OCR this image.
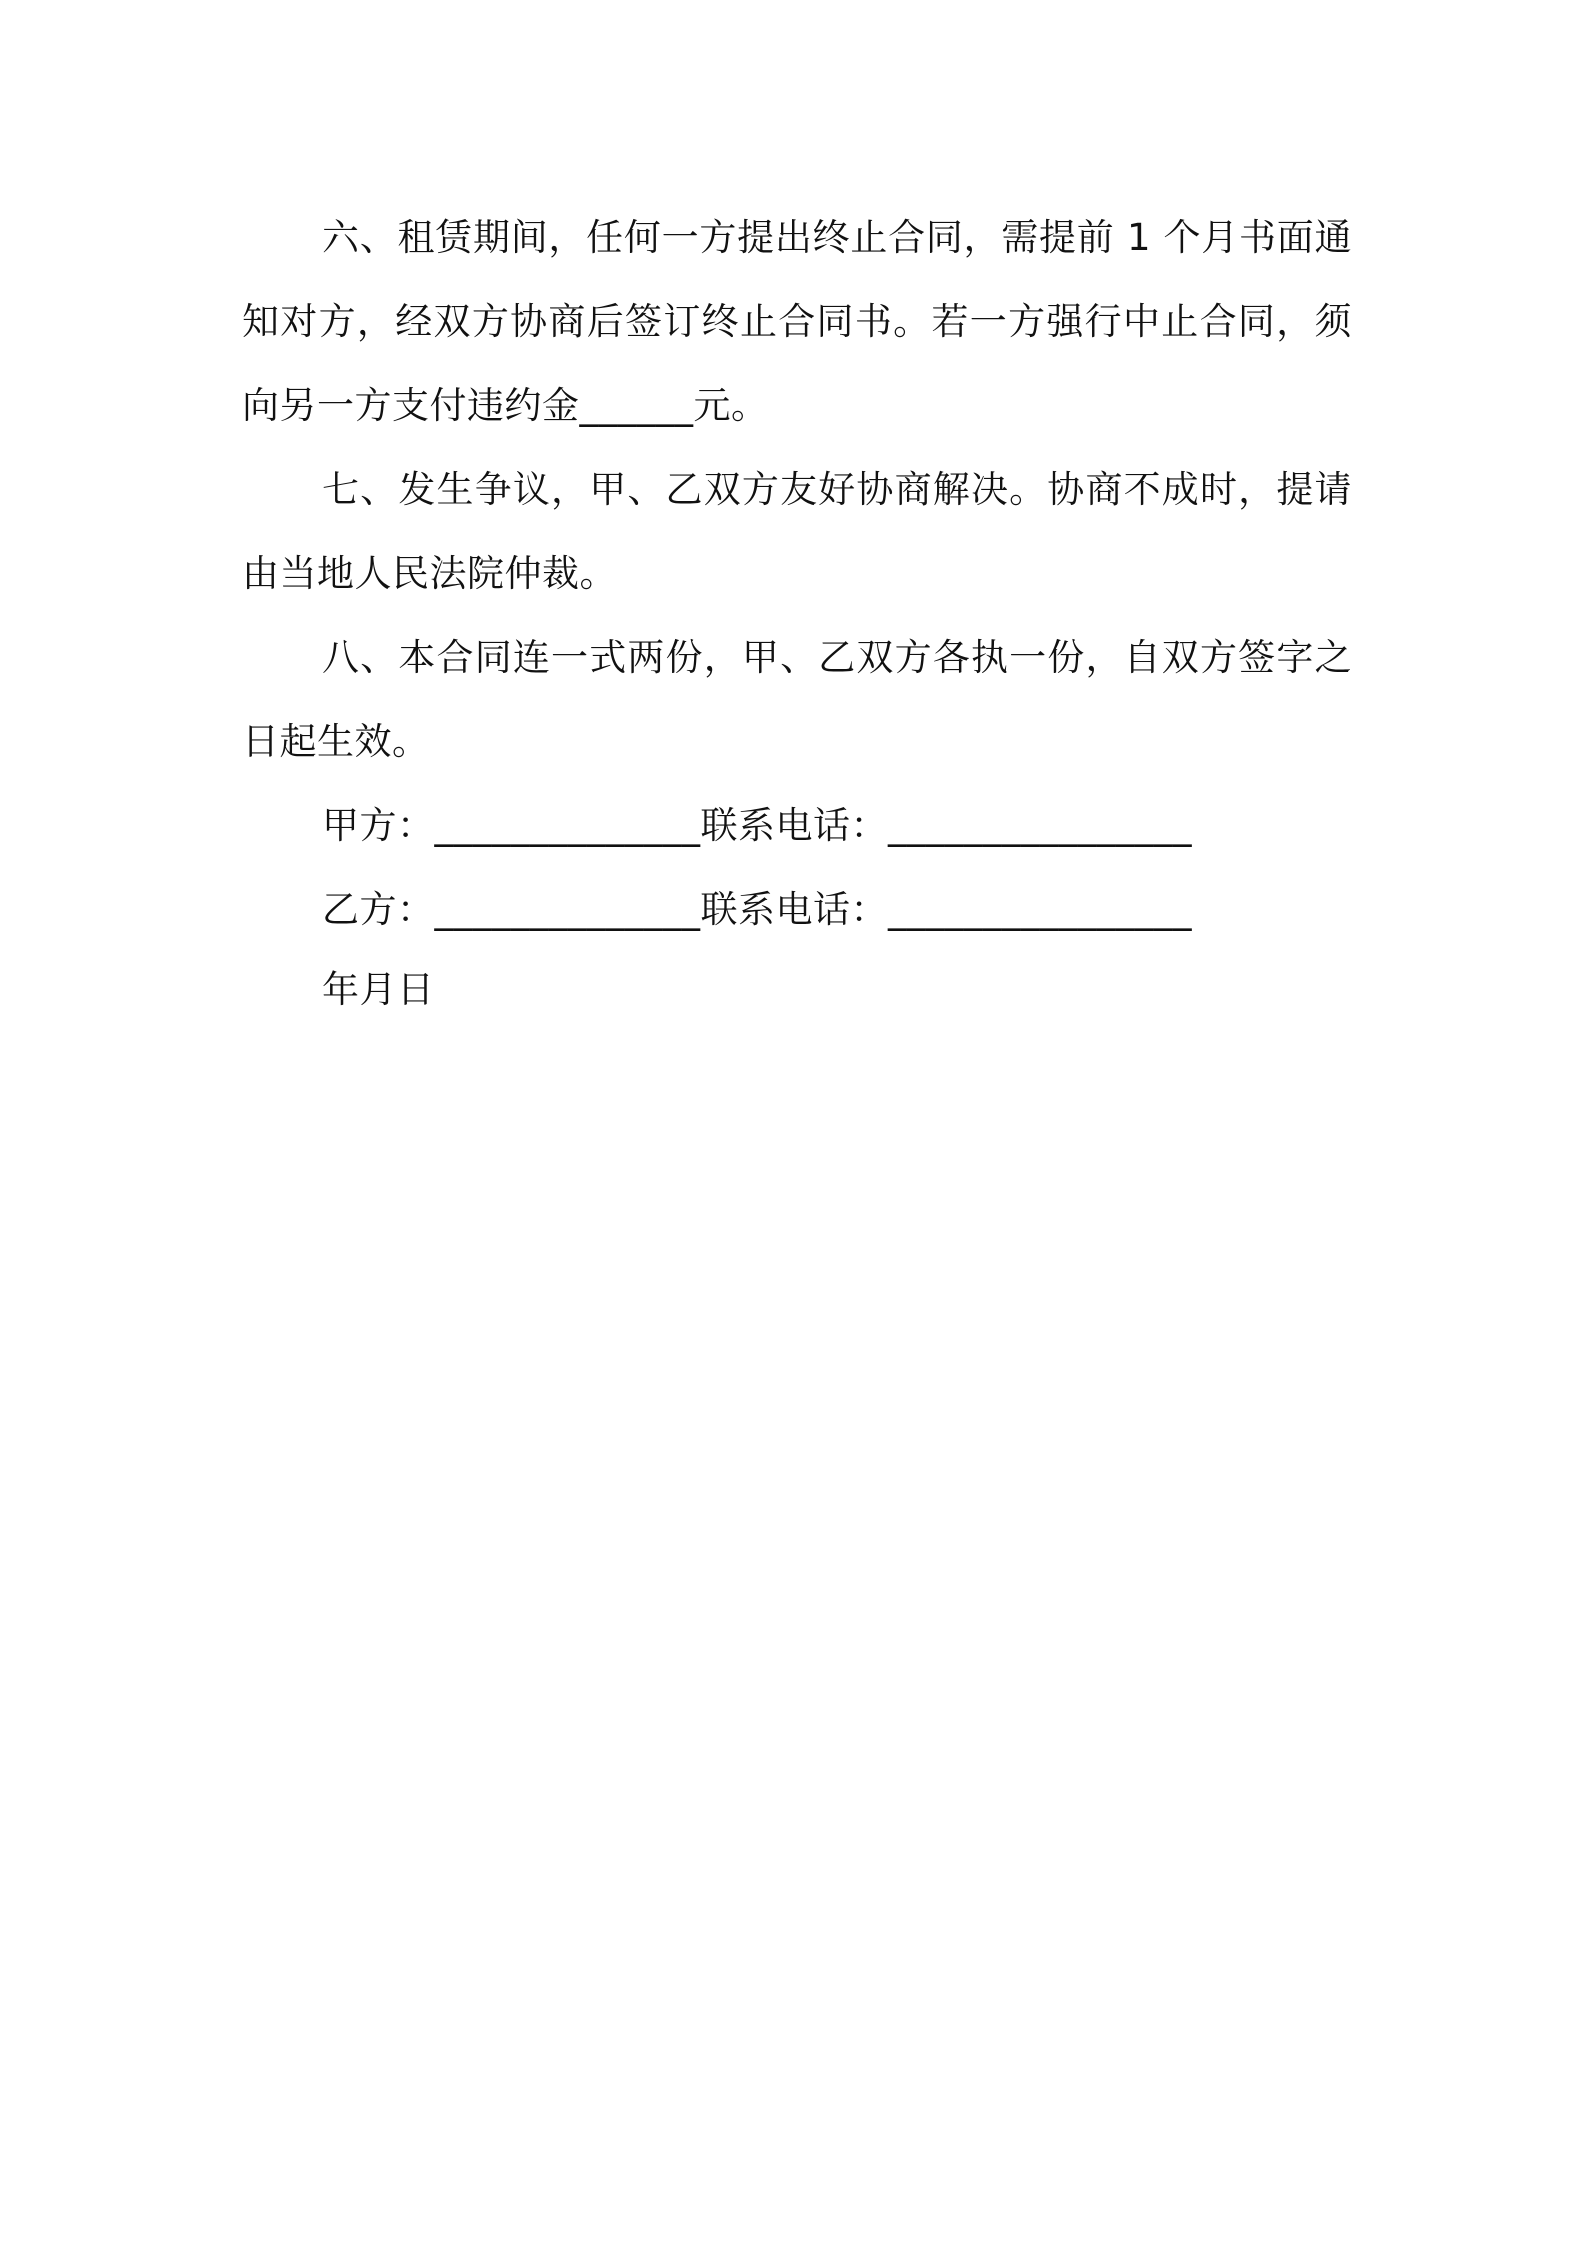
六、租赁期间，任何一方提出终止合同，需提前 1 个月书面通知对方，经双方协商后签订终止合同书。若一方强行中止合同，须向另一方支付违约金______元。

七、发生争议，甲、乙双方友好协商解决。协商不成时，提请由当地人民法院仲裁。

八、本合同连一式两份，甲、乙双方各执一份，自双方签字之日起生效。

甲方：______________联系电话：________________

乙方：______________联系电话：________________

年月日
